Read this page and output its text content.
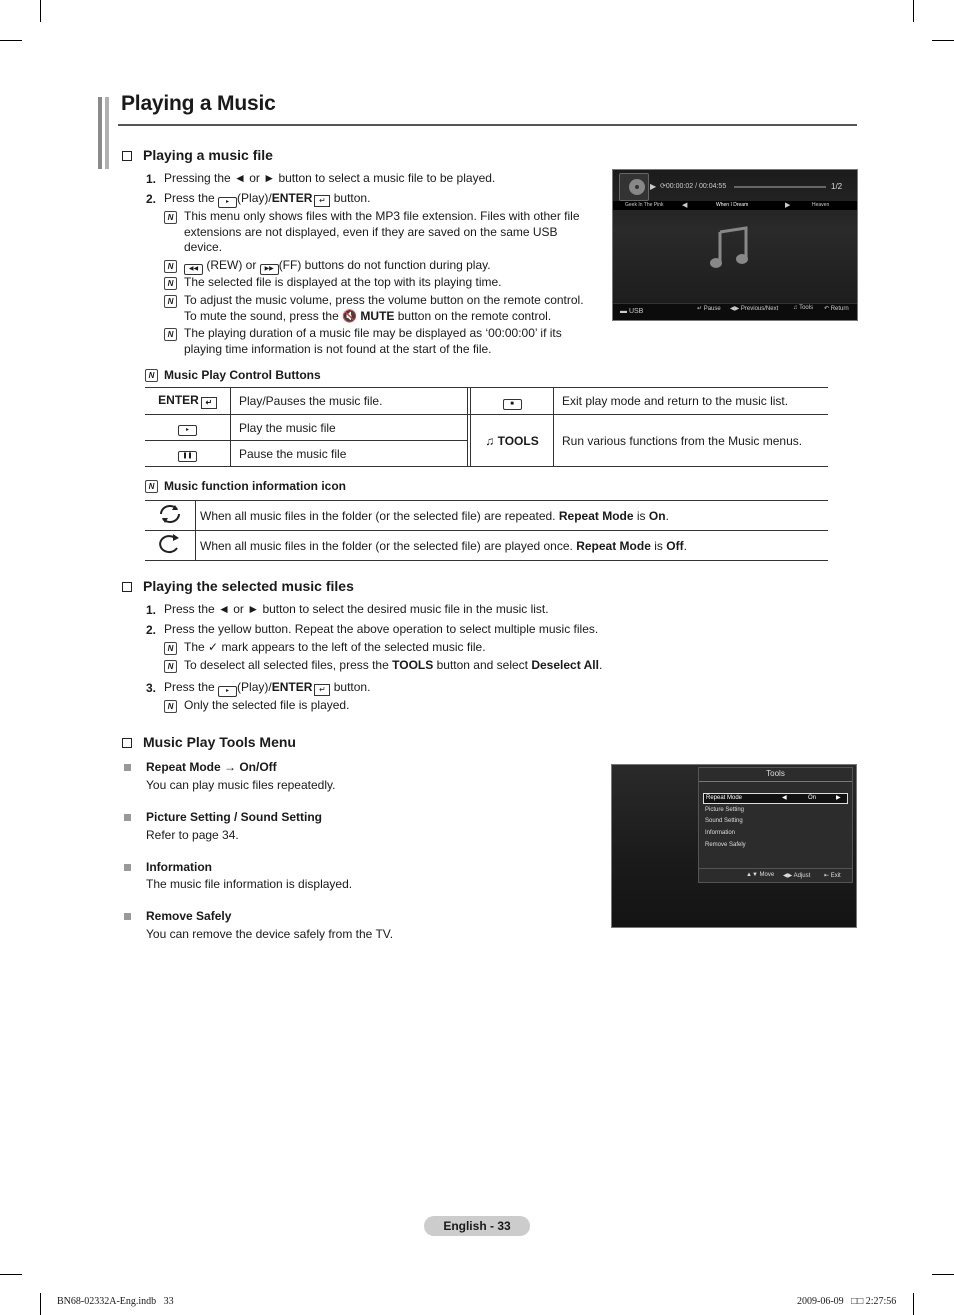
Playing a Music
Playing a music file
1. Pressing the ◄ or ► button to select a music file to be played.
2. Press the ▸ (Play)/ENTER ↵ button.
N This menu only shows files with the MP3 file extension. Files with other file extensions are not displayed, even if they are saved on the same USB device.
N	◀◀ (REW) or ▶▶ (FF) buttons do not function during play.
N The selected file is displayed at the top with its playing time.
N To adjust the music volume, press the volume button on the remote control.
To mute the sound, press the 🔇 MUTE button on the remote control.
N The playing duration of a music file may be displayed as ‘00:00:00’ if its playing time information is not found at the start of the file.
▶ ⟳00:00:02 / 00:04:55	1/2
Geek In The Pink	◀	When I Dream	▶	Heaven
▬ USB	↵ Pause ◀▶ Previous/Next ♫ Tools ↶ Return
N Music Play Control Buttons
ENTER ↵	Play/Pauses the music file.		■	Exit play mode and return to the music list.
▸	Play the music file		♫ TOOLS	Run various functions from the Music menus.
❚❚	Pause the music file			
N Music function information icon
	When all music files in the folder (or the selected file) are repeated. Repeat Mode is On.
	When all music files in the folder (or the selected file) are played once. Repeat Mode is Off.
Playing the selected music files
1. Press the ◄ or ► button to select the desired music file in the music list.
2. Press the yellow button. Repeat the above operation to select multiple music files.
N The ✓ mark appears to the left of the selected music file.
N To deselect all selected files, press the TOOLS button and select Deselect All.
3. Press the ▸ (Play)/ENTER ↵ button.
N Only the selected file is played.
Music Play Tools Menu
Repeat Mode → On/Off
You can play music files repeatedly.
Picture Setting / Sound Setting
Refer to page 34.
Information
The music file information is displayed.
Remove Safely
You can remove the device safely from the TV.
Tools
Repeat Mode	◀	On	▶
Picture Setting
Sound Setting
Information
Remove Safely
▲▼ Move ◀▶ Adjust ⇤ Exit
English - 33
BN68-02332A-Eng.indb   33	2009-06-09   □□ 2:27:56
